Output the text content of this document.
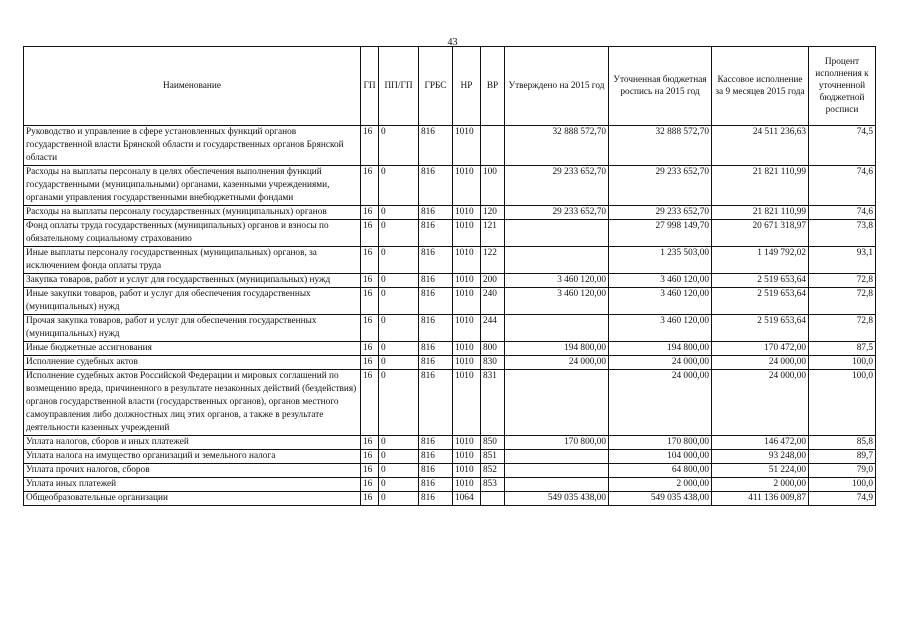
43
Наименование	ГП	ПП/ГП	ГРБС	НР	ВР	Утверждено на 2015 год	Уточненная бюджетная роспись на 2015 год	Кассовое исполнение за 9 месяцев 2015 года	Процент исполнения к уточненной бюджетной росписи
Руководство и управление в сфере установленных функций органов государственной власти Брянской области и государственных органов Брянской области	16	0	816	1010		32 888 572,70	32 888 572,70	24 511 236,63	74,5
Расходы на выплаты персоналу в целях обеспечения выполнения функций государственными (муниципальными) органами, казенными учреждениями, органами управления государственными внебюджетными фондами	16	0	816	1010	100	29 233 652,70	29 233 652,70	21 821 110,99	74,6
Расходы на выплаты персоналу государственных (муниципальных) органов	16	0	816	1010	120	29 233 652,70	29 233 652,70	21 821 110,99	74,6
Фонд оплаты труда государственных (муниципальных) органов и взносы по обязательному социальному страхованию	16	0	816	1010	121		27 998 149,70	20 671 318,97	73,8
Иные выплаты персоналу государственных (муниципальных) органов, за исключением фонда оплаты труда	16	0	816	1010	122		1 235 503,00	1 149 792,02	93,1
Закупка товаров, работ и услуг для государственных (муниципальных) нужд	16	0	816	1010	200	3 460 120,00	3 460 120,00	2 519 653,64	72,8
Иные закупки товаров, работ и услуг для обеспечения государственных (муниципальных) нужд	16	0	816	1010	240	3 460 120,00	3 460 120,00	2 519 653,64	72,8
Прочая закупка товаров, работ и услуг для обеспечения государственных (муниципальных) нужд	16	0	816	1010	244		3 460 120,00	2 519 653,64	72,8
Иные бюджетные ассигнования	16	0	816	1010	800	194 800,00	194 800,00	170 472,00	87,5
Исполнение судебных актов	16	0	816	1010	830	24 000,00	24 000,00	24 000,00	100,0
Исполнение судебных актов Российской Федерации и мировых соглашений по возмещению вреда, причиненного в результате незаконных действий (бездействия) органов государственной власти (государственных органов), органов местного самоуправления либо должностных лиц этих органов, а также в результате деятельности казенных учреждений	16	0	816	1010	831		24 000,00	24 000,00	100,0
Уплата налогов, сборов и иных платежей	16	0	816	1010	850	170 800,00	170 800,00	146 472,00	85,8
Уплата налога на имущество организаций и земельного налога	16	0	816	1010	851		104 000,00	93 248,00	89,7
Уплата прочих налогов, сборов	16	0	816	1010	852		64 800,00	51 224,00	79,0
Уплата иных платежей	16	0	816	1010	853		2 000,00	2 000,00	100,0
Общеобразовательные организации	16	0	816	1064		549 035 438,00	549 035 438,00	411 136 009,87	74,9
